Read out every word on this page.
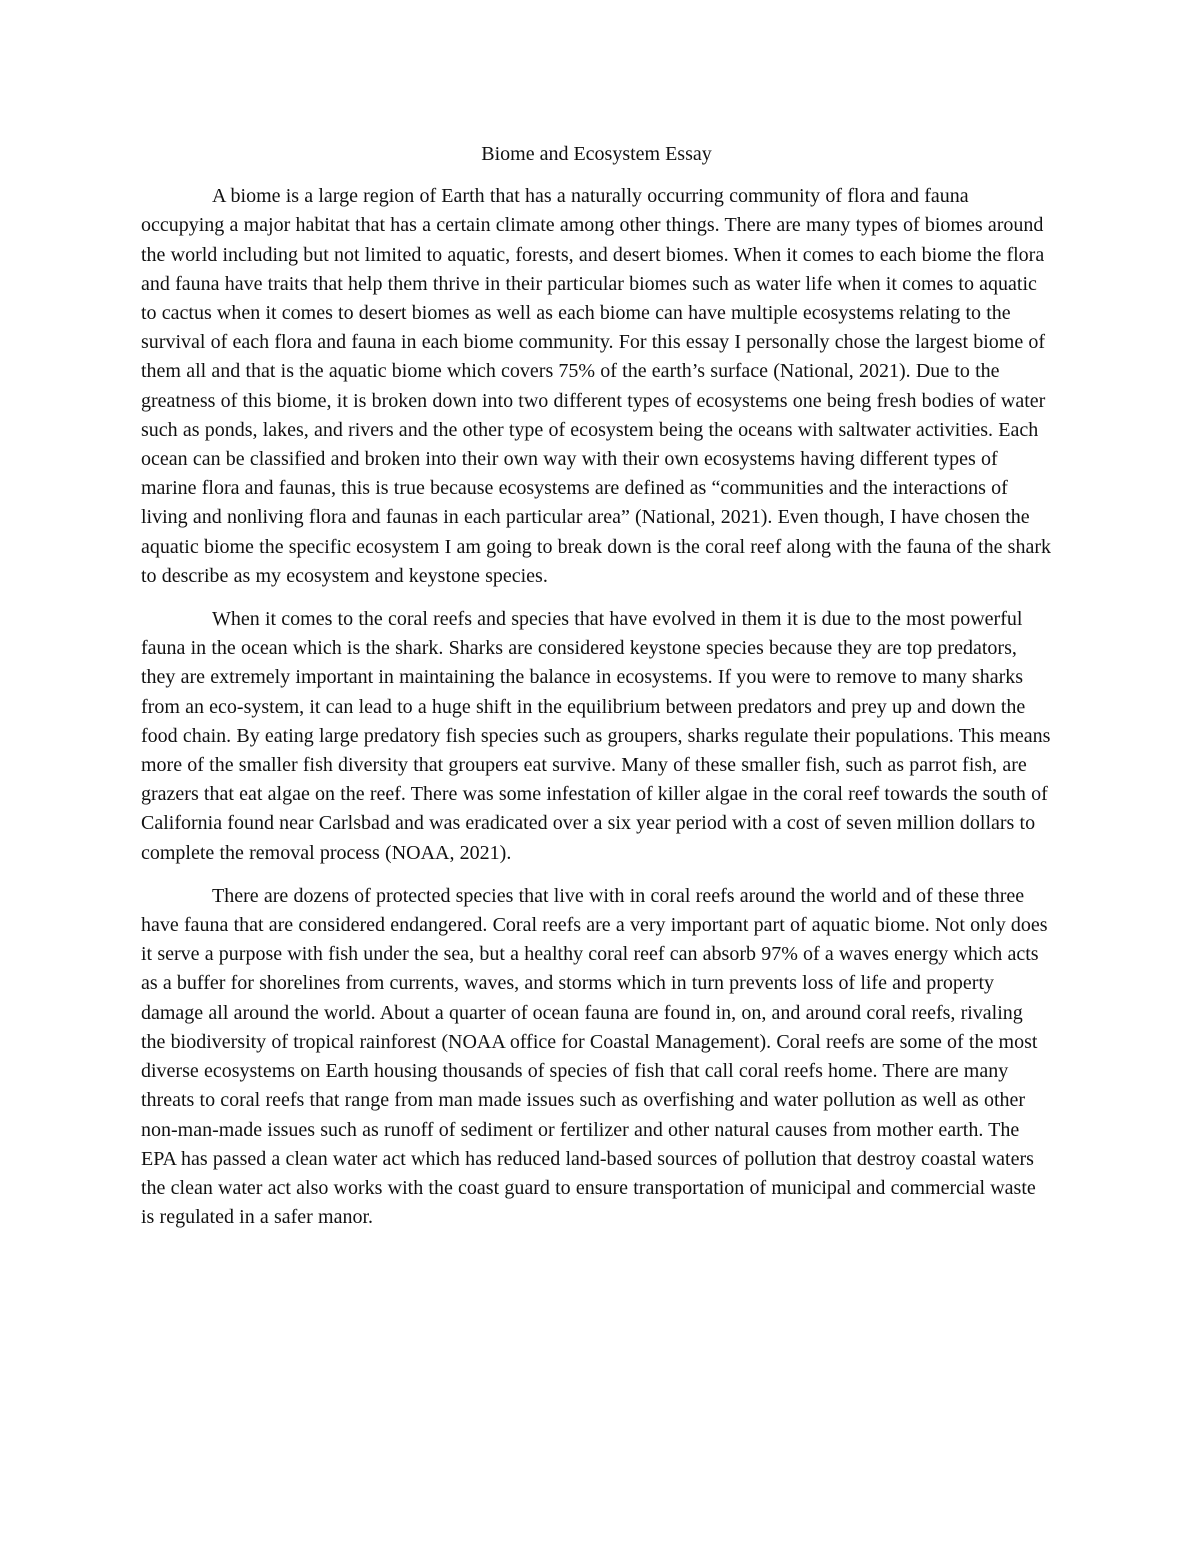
Biome and Ecosystem Essay

A biome is a large region of Earth that has a naturally occurring community of flora and fauna occupying a major habitat that has a certain climate among other things. There are many types of biomes around the world including but not limited to aquatic, forests, and desert biomes. When it comes to each biome the flora and fauna have traits that help them thrive in their particular biomes such as water life when it comes to aquatic to cactus when it comes to desert biomes as well as each biome can have multiple ecosystems relating to the survival of each flora and fauna in each biome community. For this essay I personally chose the largest biome of them all and that is the aquatic biome which covers 75% of the earth’s surface (National, 2021). Due to the greatness of this biome, it is broken down into two different types of ecosystems one being fresh bodies of water such as ponds, lakes, and rivers and the other type of ecosystem being the oceans with saltwater activities. Each ocean can be classified and broken into their own way with their own ecosystems having different types of marine flora and faunas, this is true because ecosystems are defined as “communities and the interactions of living and nonliving flora and faunas in each particular area” (National, 2021). Even though, I have chosen the aquatic biome the specific ecosystem I am going to break down is the coral reef along with the fauna of the shark to describe as my ecosystem and keystone species.

When it comes to the coral reefs and species that have evolved in them it is due to the most powerful fauna in the ocean which is the shark. Sharks are considered keystone species because they are top predators, they are extremely important in maintaining the balance in ecosystems. If you were to remove to many sharks from an eco-system, it can lead to a huge shift in the equilibrium between predators and prey up and down the food chain. By eating large predatory fish species such as groupers, sharks regulate their populations. This means more of the smaller fish diversity that groupers eat survive. Many of these smaller fish, such as parrot fish, are grazers that eat algae on the reef. There was some infestation of killer algae in the coral reef towards the south of California found near Carlsbad and was eradicated over a six year period with a cost of seven million dollars to complete the removal process (NOAA, 2021).

There are dozens of protected species that live with in coral reefs around the world and of these three have fauna that are considered endangered. Coral reefs are a very important part of aquatic biome. Not only does it serve a purpose with fish under the sea, but a healthy coral reef can absorb 97% of a waves energy which acts as a buffer for shorelines from currents, waves, and storms which in turn prevents loss of life and property damage all around the world. About a quarter of ocean fauna are found in, on, and around coral reefs, rivaling the biodiversity of tropical rainforest (NOAA office for Coastal Management). Coral reefs are some of the most diverse ecosystems on Earth housing thousands of species of fish that call coral reefs home. There are many threats to coral reefs that range from man made issues such as overfishing and water pollution as well as other non-man-made issues such as runoff of sediment or fertilizer and other natural causes from mother earth. The EPA has passed a clean water act which has reduced land-based sources of pollution that destroy coastal waters the clean water act also works with the coast guard to ensure transportation of municipal and commercial waste is regulated in a safer manor.
